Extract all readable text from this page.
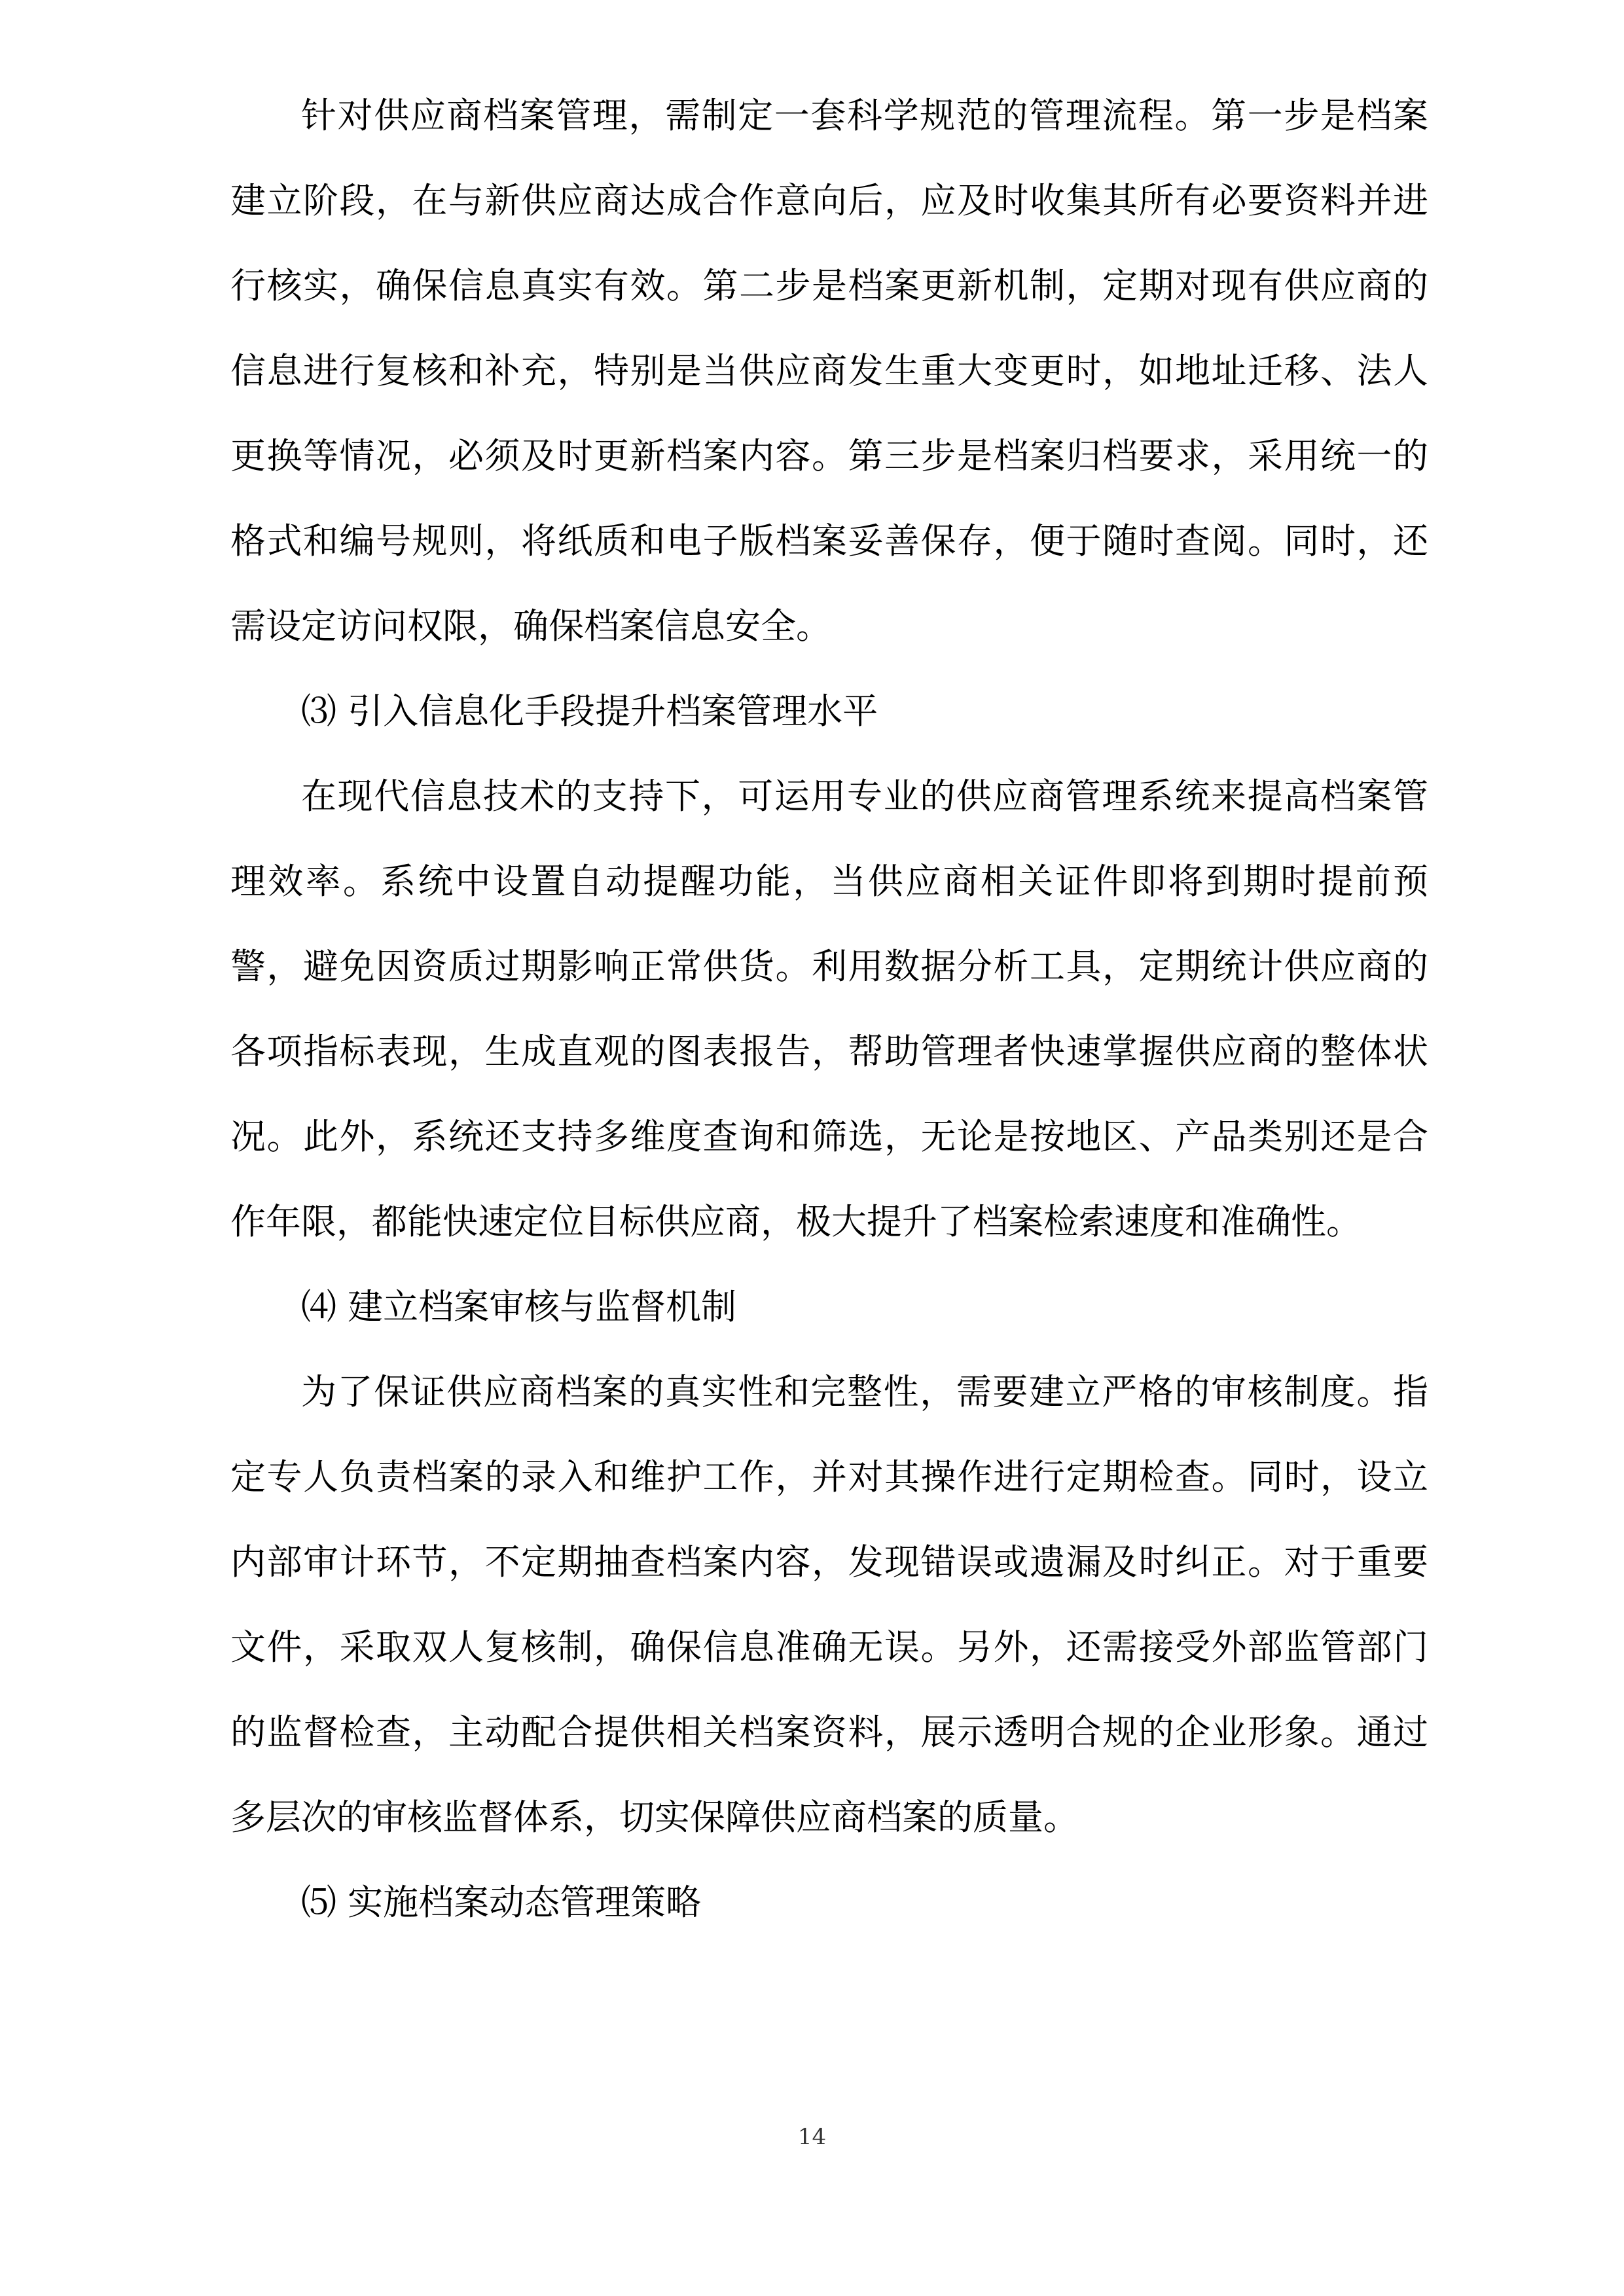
针对供应商档案管理，需制定一套科学规范的管理流程。第一步是档案建立阶段，在与新供应商达成合作意向后，应及时收集其所有必要资料并进行核实，确保信息真实有效。第二步是档案更新机制，定期对现有供应商的信息进行复核和补充，特别是当供应商发生重大变更时，如地址迁移、法人更换等情况，必须及时更新档案内容。第三步是档案归档要求，采用统一的格式和编号规则，将纸质和电子版档案妥善保存，便于随时查阅。同时，还需设定访问权限，确保档案信息安全。

⑶ 引入信息化手段提升档案管理水平

在现代信息技术的支持下，可运用专业的供应商管理系统来提高档案管理效率。系统中设置自动提醒功能，当供应商相关证件即将到期时提前预警，避免因资质过期影响正常供货。利用数据分析工具，定期统计供应商的各项指标表现，生成直观的图表报告，帮助管理者快速掌握供应商的整体状况。此外，系统还支持多维度查询和筛选，无论是按地区、产品类别还是合作年限，都能快速定位目标供应商，极大提升了档案检索速度和准确性。

⑷ 建立档案审核与监督机制

为了保证供应商档案的真实性和完整性，需要建立严格的审核制度。指定专人负责档案的录入和维护工作，并对其操作进行定期检查。同时，设立内部审计环节，不定期抽查档案内容，发现错误或遗漏及时纠正。对于重要文件，采取双人复核制，确保信息准确无误。另外，还需接受外部监管部门的监督检查，主动配合提供相关档案资料，展示透明合规的企业形象。通过多层次的审核监督体系，切实保障供应商档案的质量。

⑸ 实施档案动态管理策略

14
